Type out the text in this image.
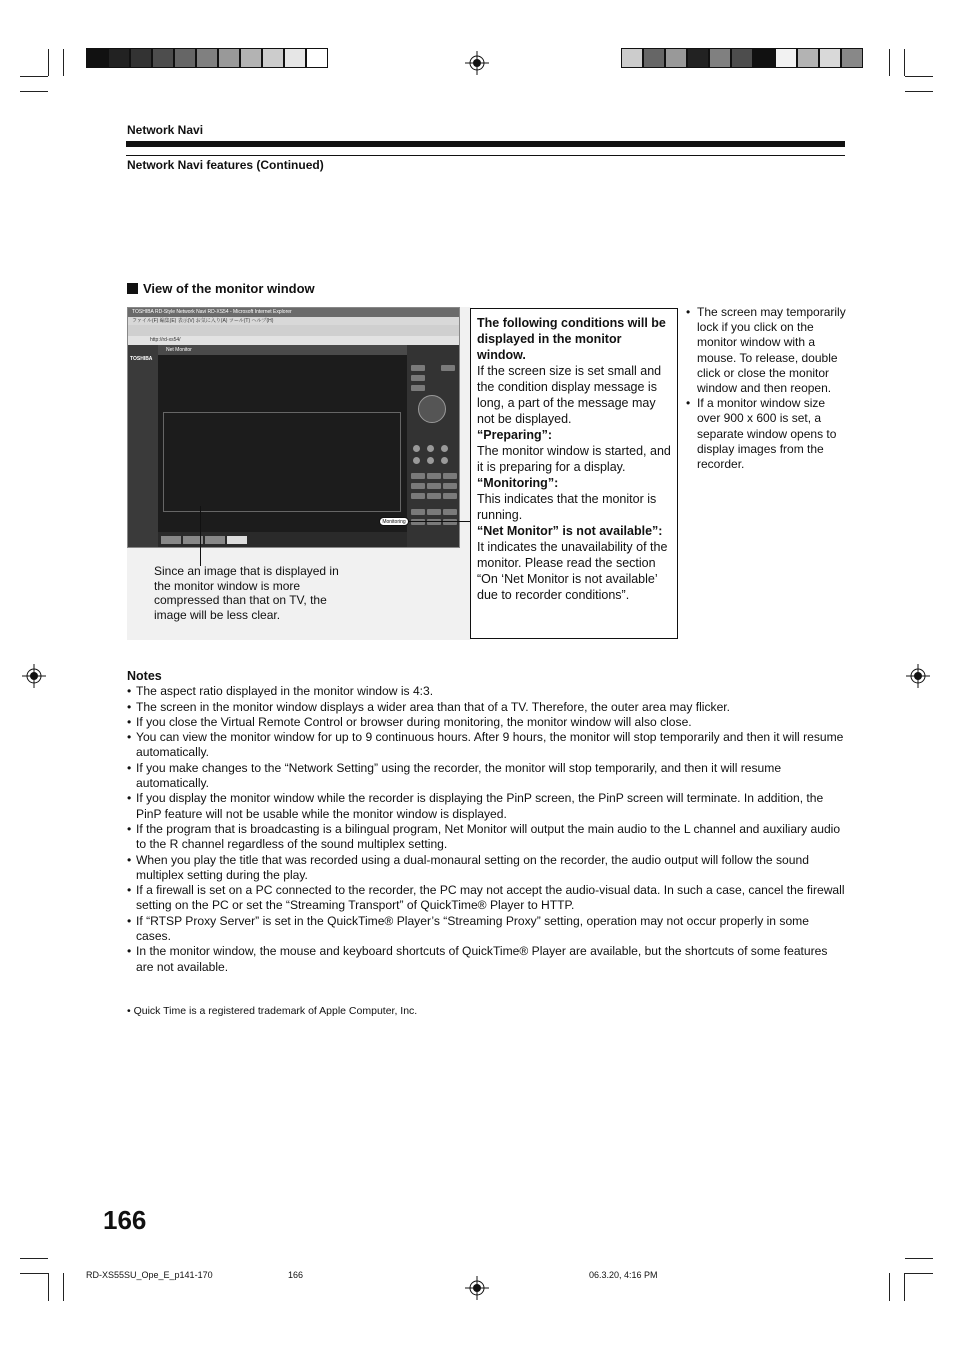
Network Navi
Network Navi features (Continued)
View of the monitor window
TOSHIBA RD-Style Network Navi RD-XS54 - Microsoft Internet Explorer
ファイル(F) 編集(E) 表示(V) お気に入り(A) ツール(T) ヘルプ(H)
http://rd-xs54/
TOSHIBA
Net Monitor
Monitoring
Since an image that is displayed in the monitor window is more compressed than that on TV, the image will be less clear.

The following conditions will be displayed in the monitor window.

If the screen size is set small and the condition display message is long, a part of the message may not be displayed.

“Preparing”:

The monitor window is started, and it is preparing for a display.

“Monitoring”:

This indicates that the monitor is running.

“Net Monitor” is not available”:

It indicates the unavailability of the monitor. Please read the section “On ‘Net Monitor is not available’ due to recorder conditions”.

• The screen may temporarily lock if you click on the monitor window with a mouse. To release, double click or close the monitor window and then reopen.
• If a monitor window size over 900 x 600 is set, a separate window opens to display images from the recorder.
Notes
• The aspect ratio displayed in the monitor window is 4:3.
• The screen in the monitor window displays a wider area than that of a TV. Therefore, the outer area may flicker.
• If you close the Virtual Remote Control or browser during monitoring, the monitor window will also close.
• You can view the monitor window for up to 9 continuous hours. After 9 hours, the monitor will stop temporarily and then it will resume automatically.
• If you make changes to the “Network Setting” using the recorder, the monitor will stop temporarily, and then it will resume automatically.
• If you display the monitor window while the recorder is displaying the PinP screen, the PinP screen will terminate. In addition, the PinP feature will not be usable while the monitor window is displayed.
• If the program that is broadcasting is a bilingual program, Net Monitor will output the main audio to the L channel and auxiliary audio to the R channel regardless of the sound multiplex setting.
• When you play the title that was recorded using a dual-monaural setting on the recorder, the audio output will follow the sound multiplex setting during the play.
• If a firewall is set on a PC connected to the recorder, the PC may not accept the audio-visual data. In such a case, cancel the firewall setting on the PC or set the “Streaming Transport” of QuickTime® Player to HTTP.
• If “RTSP Proxy Server” is set in the QuickTime® Player’s “Streaming Proxy” setting, operation may not occur properly in some cases.
• In the monitor window, the mouse and keyboard shortcuts of QuickTime® Player are available, but the shortcuts of some features are not available.
• Quick Time is a registered trademark of Apple Computer, Inc.
166
RD-XS55SU_Ope_E_p141-170	166	06.3.20, 4:16 PM
